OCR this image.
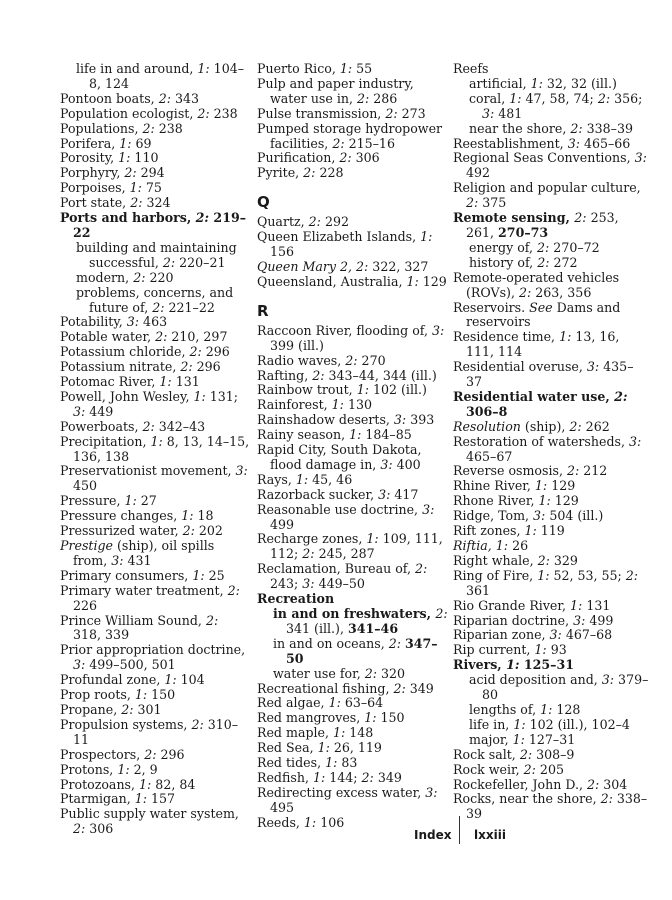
life in and around, 1: 104–8, 124
Pontoon boats, 2: 343
Population ecologist, 2: 238
Populations, 2: 238
Porifera, 1: 69
Porosity, 1: 110
Porphyry, 2: 294
Porpoises, 1: 75
Port state, 2: 324
Ports and harbors, 2: 219–22
building and maintaining successful, 2: 220–21
modern, 2: 220
problems, concerns, and future of, 2: 221–22
Potability, 3: 463
Potable water, 2: 210, 297
Potassium chloride, 2: 296
Potassium nitrate, 2: 296
Potomac River, 1: 131
Powell, John Wesley, 1: 131; 3: 449
Powerboats, 2: 342–43
Precipitation, 1: 8, 13, 14–15, 136, 138
Preservationist movement, 3: 450
Pressure, 1: 27
Pressure changes, 1: 18
Pressurized water, 2: 202
Prestige (ship), oil spills from, 3: 431
Primary consumers, 1: 25
Primary water treatment, 2: 226
Prince William Sound, 2: 318, 339
Prior appropriation doctrine, 3: 499–500, 501
Profundal zone, 1: 104
Prop roots, 1: 150
Propane, 2: 301
Propulsion systems, 2: 310–11
Prospectors, 2: 296
Protons, 1: 2, 9
Protozoans, 1: 82, 84
Ptarmigan, 1: 157
Public supply water system, 2: 306
Puerto Rico, 1: 55
Pulp and paper industry, water use in, 2: 286
Pulse transmission, 2: 273
Pumped storage hydropower facilities, 2: 215–16
Purification, 2: 306
Pyrite, 2: 228
Q
Quartz, 2: 292
Queen Elizabeth Islands, 1: 156
Queen Mary 2, 2: 322, 327
Queensland, Australia, 1: 129
R
Raccoon River, flooding of, 3: 399 (ill.)
Radio waves, 2: 270
Rafting, 2: 343–44, 344 (ill.)
Rainbow trout, 1: 102 (ill.)
Rainforest, 1: 130
Rainshadow deserts, 3: 393
Rainy season, 1: 184–85
Rapid City, South Dakota, flood damage in, 3: 400
Rays, 1: 45, 46
Razorback sucker, 3: 417
Reasonable use doctrine, 3: 499
Recharge zones, 1: 109, 111, 112; 2: 245, 287
Reclamation, Bureau of, 2: 243; 3: 449–50
Recreation
in and on freshwaters, 2: 341 (ill.), 341–46
in and on oceans, 2: 347–50
water use for, 2: 320
Recreational fishing, 2: 349
Red algae, 1: 63–64
Red mangroves, 1: 150
Red maple, 1: 148
Red Sea, 1: 26, 119
Red tides, 1: 83
Redfish, 1: 144; 2: 349
Redirecting excess water, 3: 495
Reeds, 1: 106
Reefs
artificial, 1: 32, 32 (ill.)
coral, 1: 47, 58, 74; 2: 356; 3: 481
near the shore, 2: 338–39
Reestablishment, 3: 465–66
Regional Seas Conventions, 3: 492
Religion and popular culture, 2: 375
Remote sensing, 2: 253, 261, 270–73
energy of, 2: 270–72
history of, 2: 272
Remote-operated vehicles (ROVs), 2: 263, 356
Reservoirs. See Dams and reservoirs
Residence time, 1: 13, 16, 111, 114
Residential overuse, 3: 435–37
Residential water use, 2: 306–8
Resolution (ship), 2: 262
Restoration of watersheds, 3: 465–67
Reverse osmosis, 2: 212
Rhine River, 1: 129
Rhone River, 1: 129
Ridge, Tom, 3: 504 (ill.)
Rift zones, 1: 119
Riftia, 1: 26
Right whale, 2: 329
Ring of Fire, 1: 52, 53, 55; 2: 361
Rio Grande River, 1: 131
Riparian doctrine, 3: 499
Riparian zone, 3: 467–68
Rip current, 1: 93
Rivers, 1: 125–31
acid deposition and, 3: 379–80
lengths of, 1: 128
life in, 1: 102 (ill.), 102–4
major, 1: 127–31
Rock salt, 2: 308–9
Rock weir, 2: 205
Rockefeller, John D., 2: 304
Rocks, near the shore, 2: 338–39
Index lxxiii
